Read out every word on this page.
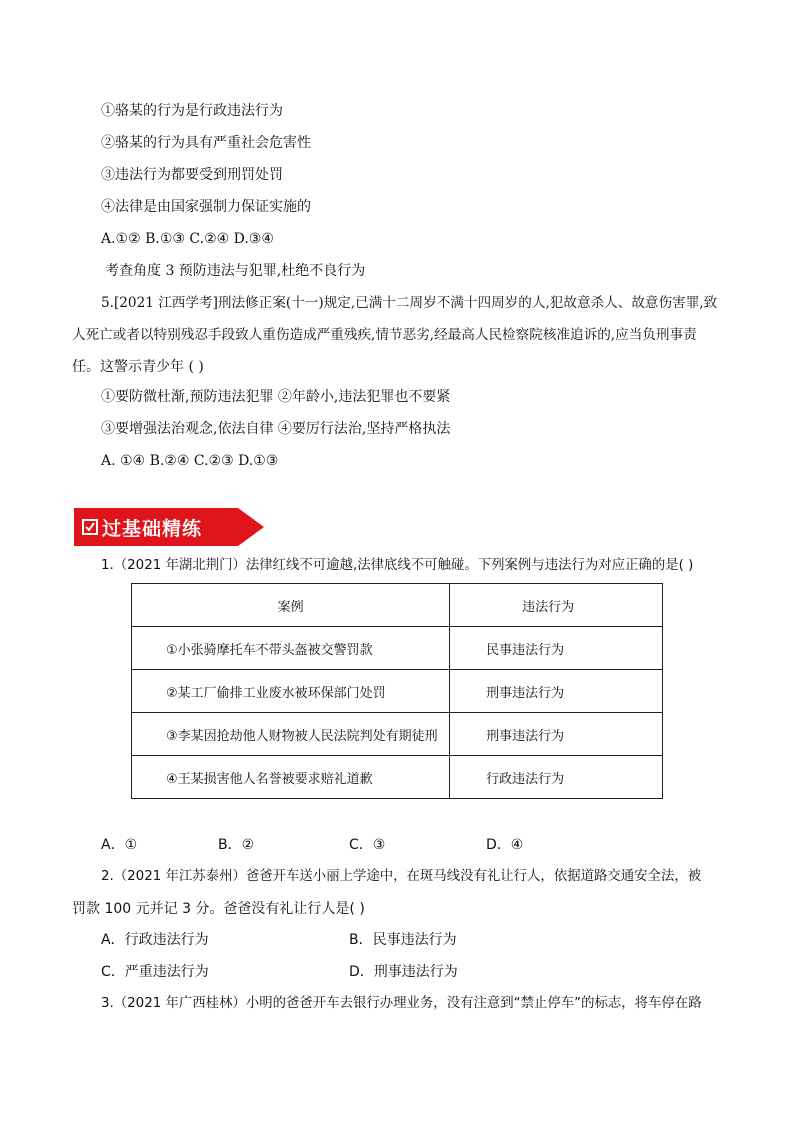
①骆某的行为是行政违法行为
②骆某的行为具有严重社会危害性
③违法行为都要受到刑罚处罚
④法律是由国家强制力保证实施的
A.①② B.①③ C.②④ D.③④
考查角度 3 预防违法与犯罪,杜绝不良行为
5.[2021 江西学考]刑法修正案(十一)规定,已满十二周岁不满十四周岁的人,犯故意杀人、故意伤害罪,致
人死亡或者以特别残忍手段致人重伤造成严重残疾,情节恶劣,经最高人民检察院核准追诉的,应当负刑事责
任。这警示青少年 ( )
①要防微杜渐,预防违法犯罪 ②年龄小,违法犯罪也不要紧
③要增强法治观念,依法自律 ④要厉行法治,坚持严格执法
A. ①④ B.②④ C.②③ D.①③
过基础精练
1.（2021 年湖北荆门）法律红线不可逾越,法律底线不可触碰。下列案例与违法行为对应正确的是( )
案例	违法行为
①小张骑摩托车不带头盔被交警罚款	民事违法行为
②某工厂偷排工业废水被环保部门处罚	刑事违法行为
③李某因抢劫他人财物被人民法院判处有期徒刑	刑事违法行为
④王某损害他人名誉被要求赔礼道歉	行政违法行为
A．①	B．②	C．③	D．④
2.（2021 年江苏泰州）爸爸开车送小丽上学途中，在斑马线没有礼让行人，依据道路交通安全法，被
罚款 100 元并记 3 分。爸爸没有礼让行人是( )
A．行政违法行为	B．民事违法行为
C．严重违法行为	D．刑事违法行为
3.（2021 年广西桂林）小明的爸爸开车去银行办理业务，没有注意到“禁止停车”的标志，将车停在路
